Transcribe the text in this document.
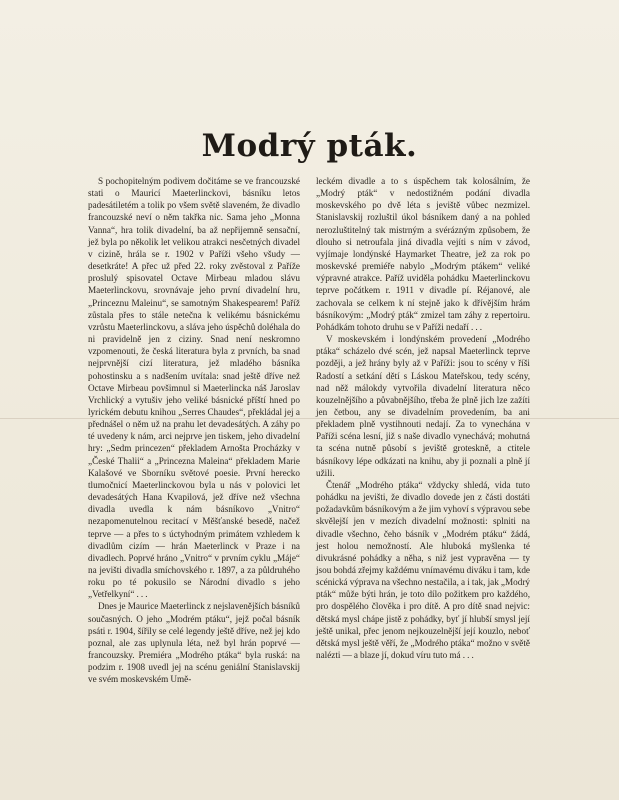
Modrý pták.

S pochopitelným podivem dočitáme se ve francouzské stati o Mauricí Maeterlinckovi, básníku letos padesátiletém a tolik po všem světě slaveném, že divadlo francouzské neví o něm takřka nic. Sama jeho „Monna Vanna“, hra tolik divadelní, ba až nepřijemně sensační, jež byla po několik let velikou atrakci nesčetných divadel v cizině, hrála se r. 1902 v Paříži všeho všudy — desetkráte! A přec už před 22. roky zvěstoval z Paříže proslulý spisovatel Octave Mirbeau mladou slávu Maeterlinckovu, srovnávaje jeho první divadelní hru, „Princeznu Maleinu“, se samotným Shakespearem! Paříž zůstala přes to stále netečna k velikému básnickému vzrůstu Maeterlinckovu, a sláva jeho úspěchů doléhala do ni pravidelně jen z ciziny. Snad není neskromno vzpomenouti, že česká literatura byla z prvních, ba snad nejprvnější cizí literatura, jež mladého básníka pohostinsku a s nadšením uvítala: snad ještě dříve než Octave Mirbeau povšimnul si Maeterlincka náš Jaroslav Vrchlický a vytušiv jeho veliké básnické příští hned po lyrickém debutu knihou „Serres Chaudes“, překládal jej a přednášel o něm už na prahu let devadesátých. A záhy po té uvedeny k nám, arci nejprve jen tiskem, jeho divadelní hry: „Sedm princezen“ překladem Arnošta Procházky v „České Thalii“ a „Princezna Maleina“ překladem Marie Kalašové ve Sborníku světové poesie. První herecko tlumočnicí Maeterlinckovou byla u nás v polovici let devadesátých Hana Kvapilová, jež dříve než všechna divadla uvedla k nám básníkovo „Vnitro“ nezapomenutelnou recitací v Měšťanské besedě, načež teprve — a přes to s úctyhodným primátem vzhledem k divadlům cizím — hrán Maeterlinck v Praze i na divadlech. Poprvé hráno „Vnitro“ v prvním cyklu „Máje“ na jevišti divadla smíchovského r. 1897, a za půldruhého roku po té pokusilo se Národní divadlo s jeho „Vetřelkyní“ . . .

Dnes je Maurice Maeterlinck z nejslavenějších básníků současných. O jeho „Modrém ptáku“, jejž počal básník psáti r. 1904, šířily se celé legendy ještě dříve, než jej kdo poznal, ale zas uplynula léta, než byl hrán poprvé — francouzsky. Premiéra „Modrého ptáka“ byla ruská: na podzim r. 1908 uvedl jej na scénu geniální Stanislavskij ve svém moskevském Umě-

leckém divadle a to s úspěchem tak kolosálním, že „Modrý pták“ v nedostižném podání divadla moskevského po dvě léta s jeviště vůbec nezmizel. Stanislavskij rozluštil úkol básníkem daný a na pohled nerozluštitelný tak mistrným a svérázným způsobem, že dlouho si netroufala jiná divadla vejíti s ním v závod, vyjímaje londýnské Haymarket Theatre, jež za rok po moskevské premiéře nabylo „Modrým ptákem“ veliké výpravné atrakce. Paříž uviděla pohádku Maeterlinckovu teprve počátkem r. 1911 v divadle pí. Réjanové, ale zachovala se celkem k ní stejně jako k dřívějším hrám básníkovým: „Modrý pták“ zmizel tam záhy z repertoiru. Pohádkám tohoto druhu se v Paříži nedaří . . .

V moskevském i londýnském provedení „Modrého ptáka“ scházelo dvé scén, jež napsal Maeterlinck teprve později, a jež hrány byly až v Paříži: jsou to scény v říši Radostí a setkání dětí s Láskou Mateřskou, tedy scény, nad něž málokdy vytvořila divadelní literatura něco kouzelnějšího a půvabnějšího, třeba že plně jich lze zažíti jen četbou, any se divadelním provedením, ba ani překladem plně vystihnouti nedají. Za to vynechána v Paříži scéna lesní, již s naše divadlo vynechává; mohutná ta scéna nutně působí s jeviště groteskně, a ctitele básníkovy lépe odkázati na knihu, aby ji poznali a plně jí užili.

Čtenář „Modrého ptáka“ vždycky shledá, vida tuto pohádku na jevišti, že divadlo dovede jen z části dostáti požadavkům básníkovým a že jim vyhoví s výpravou sebe skvělejší jen v mezích divadelní možnosti: splniti na divadle všechno, čeho básník v „Modrém ptáku“ žádá, jest holou nemožností. Ale hluboká myšlenka té divukrásné pohádky a něha, s niž jest vypravěna — ty jsou bohdá zřejmy každému vnímavému diváku i tam, kde scénická výprava na všechno nestačila, a i tak, jak „Modrý pták“ může býti hrán, je toto dílo požitkem pro každého, pro dospělého člověka i pro dítě. A pro dítě snad nejvic: dětská mysl chápe jistě z pohádky, byť jí hlubší smysl její ještě unikal, přec jenom nejkouzelnější její kouzlo, neboť dětská mysl ještě věří, že „Modrého ptáka“ možno v světě nalézti — a blaze jí, dokud víru tuto má . . .
